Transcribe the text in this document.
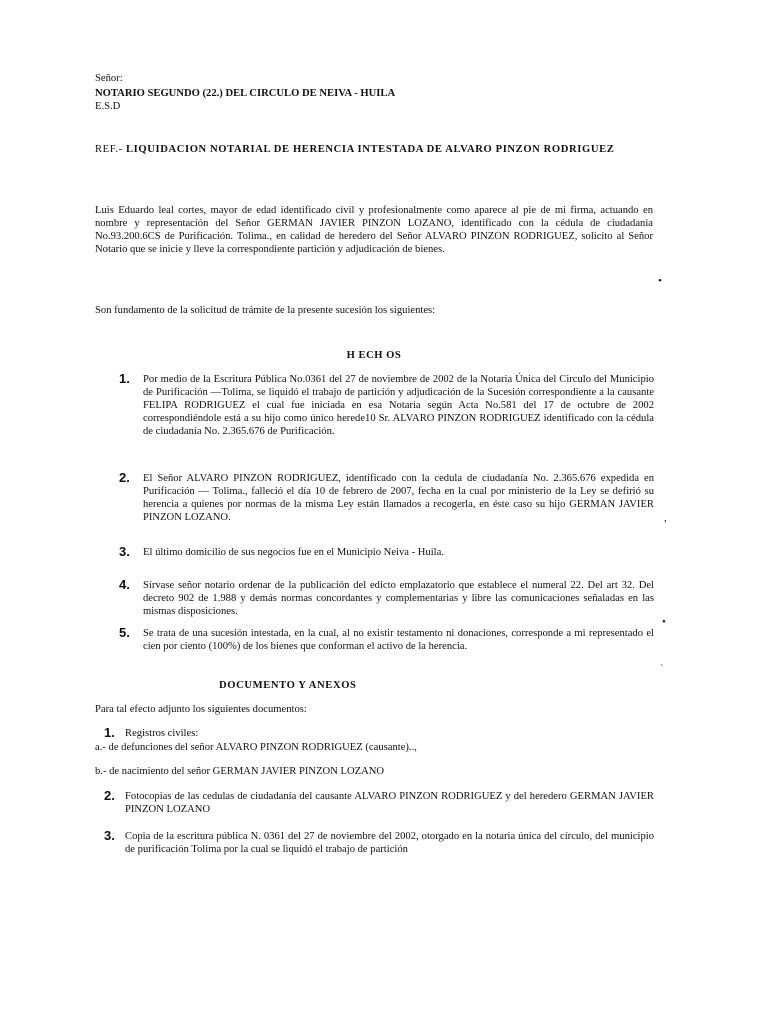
Señor:
NOTARIO SEGUNDO (22.) DEL CIRCULO DE NEIVA - HUILA
E.S.D
REF.- LIQUIDACION NOTARIAL DE HERENCIA INTESTADA DE ALVARO PINZON RODRIGUEZ
Luis Eduardo leal cortes, mayor de edad identificado civil y profesionalmente como aparece al pie de mi firma, actuando en nombre y representación del Señor GERMAN JAVIER PINZON LOZANO, identificado con la cédula de ciudadanía No.93.200.6CS de Purificación. Tolima., en calidad de heredero del Señor ALVARO PINZON RODRIGUEZ, solicito al Señor Notario que se inicie y lleve la correspondiente partición y adjudicación de bienes.
•
Son fundamento de la solicitud de trámite de la presente sucesión los siguientes:
H ECH OS
1.	Por medio de la Escritura Pública No.0361 del 27 de noviembre de 2002 de la Notaria Única del Circulo del Municipio de Purificación —Tolima, se liquidó el trabajo de partición y adjudicación de la Sucesión correspondiente a la causante FELIPA RODRIGUEZ el cual fue iniciada en esa Notaria según Acta No.581 del 17 de octubre de 2002 correspondiéndole está a su hijo como único herede10 Sr. ALVARO PINZON RODRIGUEZ identificado con la cédula de ciudadanía No. 2.365.676 de Purificación.
2.	El Señor ALVARO PINZON RODRIGUEZ, identificado con la cedula de ciudadanía No. 2.365.676 expedida en Purificación — Tolima., falleció el día 10 de febrero de 2007, fecha en la cual por ministerio de la Ley se defirió su herencia a quienes por normas de la misma Ley están llamados a recogerla, en éste caso su hijo GERMAN JAVIER PINZON LOZANO.	,
3.	El último domicilio de sus negocios fue en el Municipio Neiva - Huila.
4.	Sírvase señor notario ordenar de la publicación del edicto emplazatorio que establece el numeral 22. Del art 32. Del decreto 902 de 1.988 y demás normas concordantes y complementarias y libre las comunicaciones señaladas en las mismas disposiciones.
•
5.	Se trata de una sucesión intestada, en la cual, al no existir testamento ni donaciones, corresponde a mi representado el cien por ciento (100%) de los bienes que conforman el activo de la herencia.
`
DOCUMENTO Y ANEXOS
Para tal efecto adjunto los siguientes documentos:
1. Registros civiles:
a.- de defunciones del señor ALVARO PINZON RODRIGUEZ (causante)..,
b.- de nacimiento del señor GERMAN JAVIER PINZON LOZANO
2. Fotocopias de las cedulas de ciudadanía del causante ALVARO PINZON RODRIGUEZ y del heredero GERMAN JAVIER PINZON LOZANO
3. Copia de la escritura pública N. 0361 del 27 de noviembre del 2002, otorgado en la notaria única del círculo, del municipio de purificación Tolima por la cual se liquidó el trabajo de partición
